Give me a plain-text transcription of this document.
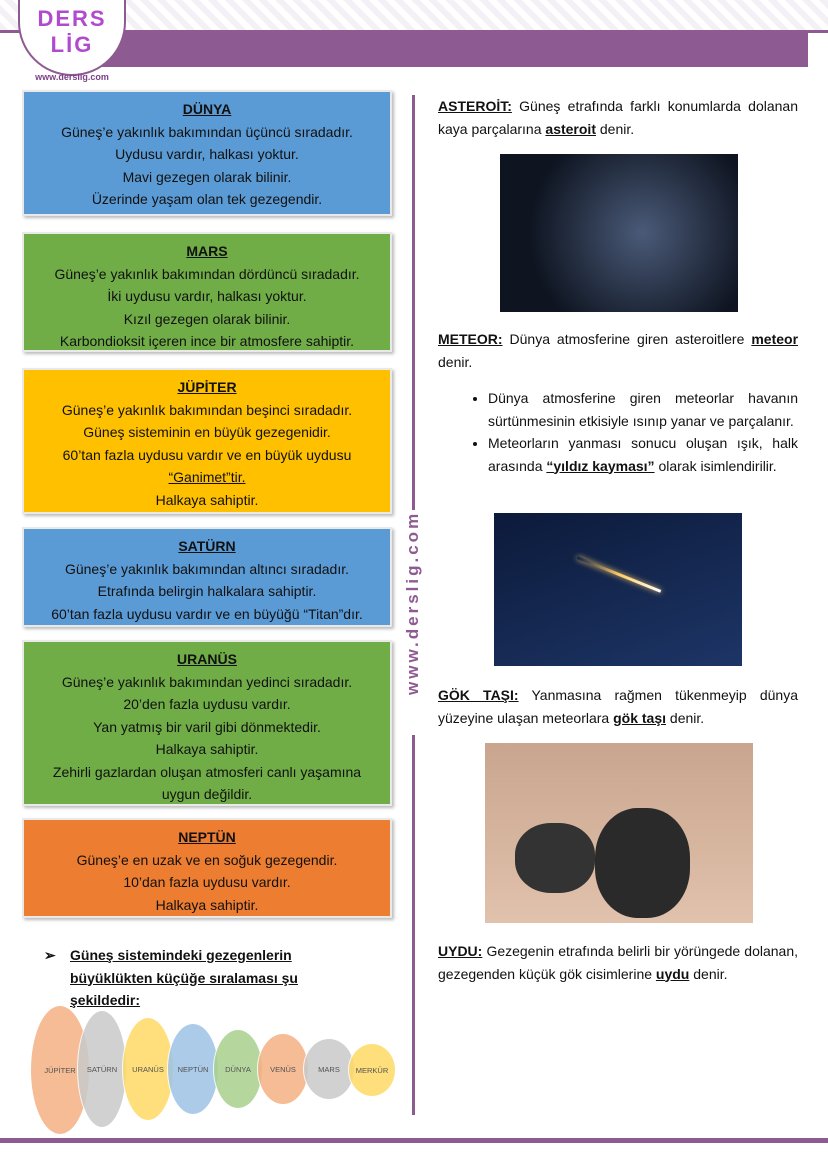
DERS LİG
www.derslig.com
DÜNYA
Güneş’e yakınlık bakımından üçüncü sıradadır.
Uydusu vardır, halkası yoktur.
Mavi gezegen olarak bilinir.
Üzerinde yaşam olan tek gezegendir.
MARS
Güneş’e yakınlık bakımından dördüncü sıradadır.
İki uydusu vardır, halkası yoktur.
Kızıl gezegen olarak bilinir.
Karbondioksit içeren ince bir atmosfere sahiptir.
JÜPİTER
Güneş’e yakınlık bakımından beşinci sıradadır.
Güneş sisteminin en büyük gezegenidir.
60’tan fazla uydusu vardır ve en büyük uydusu
“Ganimet”tir.
Halkaya sahiptir.
SATÜRN
Güneş’e yakınlık bakımından altıncı sıradadır.
Etrafında belirgin halkalara sahiptir.
60’tan fazla uydusu vardır ve en büyüğü “Titan”dır.
URANÜS
Güneş’e yakınlık bakımından yedinci sıradadır.
20’den fazla uydusu vardır.
Yan yatmış bir varil gibi dönmektedir.
Halkaya sahiptir.
Zehirli gazlardan oluşan atmosferi canlı yaşamına
uygun değildir.
NEPTÜN
Güneş’e en uzak ve en soğuk gezegendir.
10’dan fazla uydusu vardır.
Halkaya sahiptir.
➢ Güneş sistemindeki gezegenlerin büyüklükten küçüğe sıralaması şu şekildedir:
JÜPİTER	SATÜRN	URANÜS	NEPTÜN	DÜNYA	VENÜS	MARS	MERKÜR
www.derslig.com
ASTEROİT: Güneş etrafında farklı konumlarda dolanan kaya parçalarına asteroit denir.
METEOR: Dünya atmosferine giren asteroitlere meteor denir.
• Dünya atmosferine giren meteorlar havanın sürtünmesinin etkisiyle ısınıp yanar ve parçalanır.
• Meteorların yanması sonucu oluşan ışık, halk arasında “yıldız kayması” olarak isimlendirilir.
GÖK TAŞI: Yanmasına rağmen tükenmeyip dünya yüzeyine ulaşan meteorlara gök taşı denir.
UYDU: Gezegenin etrafında belirli bir yörüngede dolanan, gezegenden küçük gök cisimlerine uydu denir.
